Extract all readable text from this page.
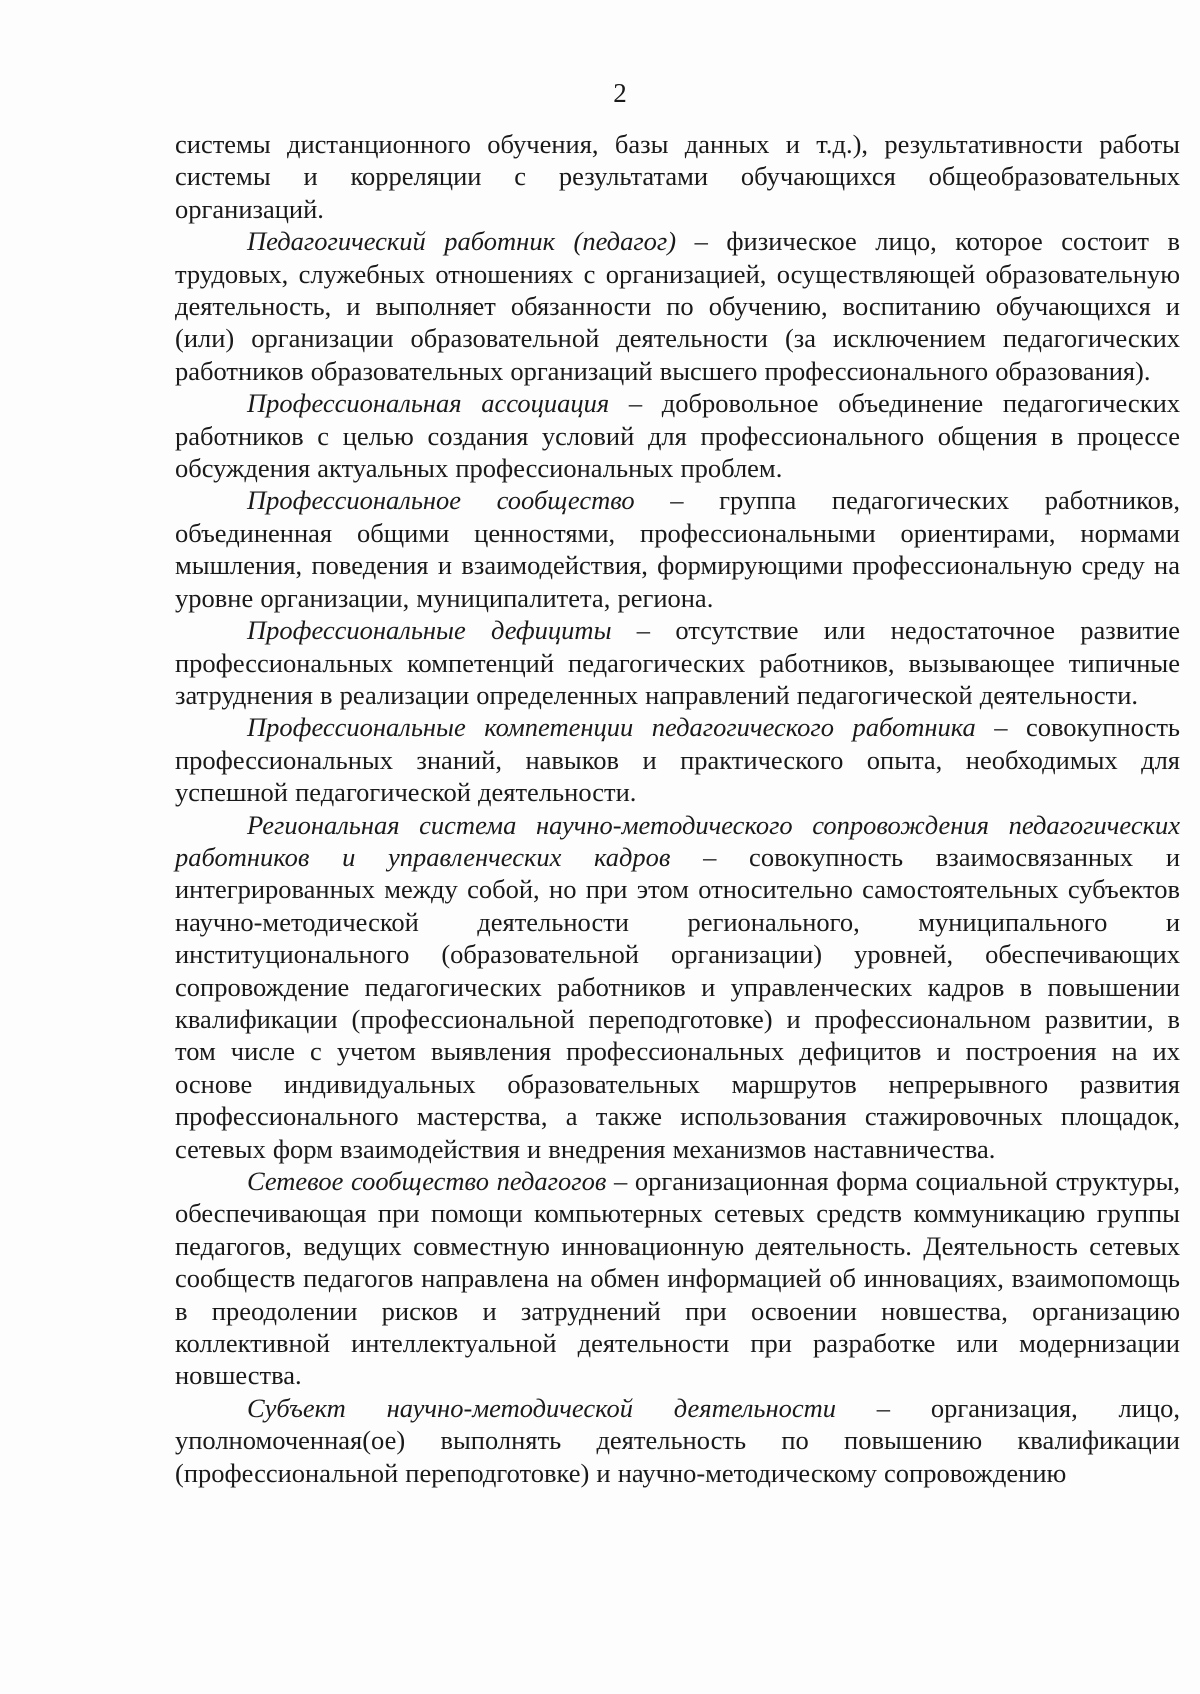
2

системы дистанционного обучения, базы данных и т.д.), результативности работы системы и корреляции с результатами обучающихся общеобразовательных организаций.

Педагогический работник (педагог) – физическое лицо, которое состоит в трудовых, служебных отношениях с организацией, осуществляющей образовательную деятельность, и выполняет обязанности по обучению, воспитанию обучающихся и (или) организации образовательной деятельности (за исключением педагогических работников образовательных организаций высшего профессионального образования).

Профессиональная ассоциация – добровольное объединение педагогических работников с целью создания условий для профессионального общения в процессе обсуждения актуальных профессиональных проблем.

Профессиональное сообщество – группа педагогических работников, объединенная общими ценностями, профессиональными ориентирами, нормами мышления, поведения и взаимодействия, формирующими профессиональную среду на уровне организации, муниципалитета, региона.

Профессиональные дефициты – отсутствие или недостаточное развитие профессиональных компетенций педагогических работников, вызывающее типичные затруднения в реализации определенных направлений педагогической деятельности.

Профессиональные компетенции педагогического работника – совокупность профессиональных знаний, навыков и практического опыта, необходимых для успешной педагогической деятельности.

Региональная система научно-методического сопровождения педагогических работников и управленческих кадров – совокупность взаимосвязанных и интегрированных между собой, но при этом относительно самостоятельных субъектов научно-методической деятельности регионального, муниципального и институционального (образовательной организации) уровней, обеспечивающих сопровождение педагогических работников и управленческих кадров в повышении квалификации (профессиональной переподготовке) и профессиональном развитии, в том числе с учетом выявления профессиональных дефицитов и построения на их основе индивидуальных образовательных маршрутов непрерывного развития профессионального мастерства, а также использования стажировочных площадок, сетевых форм взаимодействия и внедрения механизмов наставничества.

Сетевое сообщество педагогов – организационная форма социальной структуры, обеспечивающая при помощи компьютерных сетевых средств коммуникацию группы педагогов, ведущих совместную инновационную деятельность. Деятельность сетевых сообществ педагогов направлена на обмен информацией об инновациях, взаимопомощь в преодолении рисков и затруднений при освоении новшества, организацию коллективной интеллектуальной деятельности при разработке или модернизации новшества.

Субъект научно-методической деятельности – организация, лицо, уполномоченная(ое) выполнять деятельность по повышению квалификации (профессиональной переподготовке) и научно-методическому сопровождению
